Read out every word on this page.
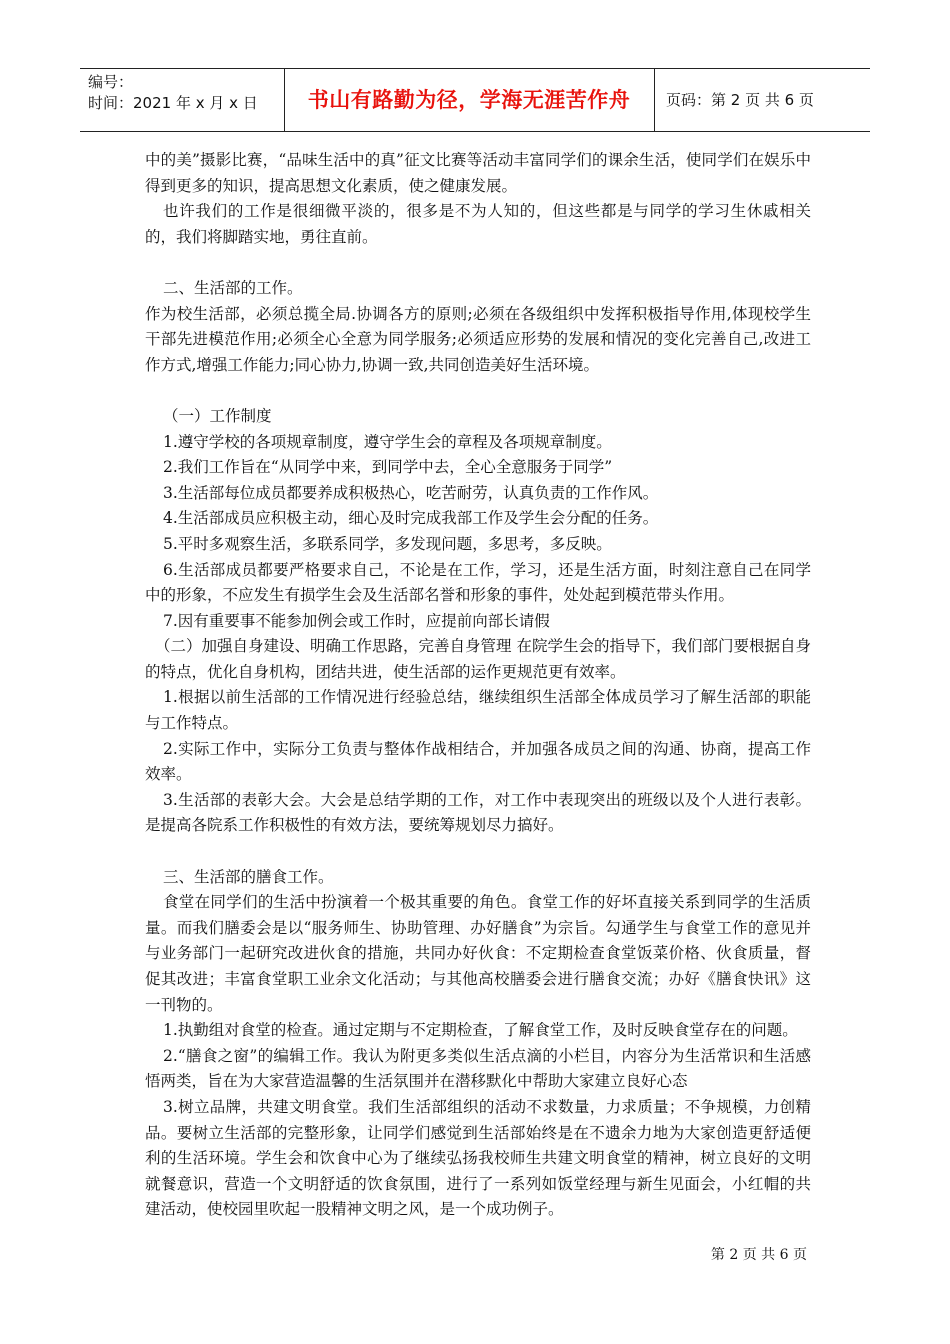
编号：
时间：2021 年 x 月 x 日	书山有路勤为径，学海无涯苦作舟	页码：第 2 页 共 6 页

中的美”摄影比赛，“品味生活中的真”征文比赛等活动丰富同学们的课余生活，使同学们在娱乐中得到更多的知识，提高思想文化素质，使之健康发展。

也许我们的工作是很细微平淡的，很多是不为人知的，但这些都是与同学的学习生休戚相关的，我们将脚踏实地，勇往直前。

二、生活部的工作。

作为校生活部，必须总揽全局.协调各方的原则;必须在各级组织中发挥积极指导作用,体现校学生干部先进模范作用;必须全心全意为同学服务;必须适应形势的发展和情况的变化完善自己,改进工作方式,增强工作能力;同心协力,协调一致,共同创造美好生活环境。

（一）工作制度

1.遵守学校的各项规章制度，遵守学生会的章程及各项规章制度。

2.我们工作旨在“从同学中来，到同学中去，全心全意服务于同学”

3.生活部每位成员都要养成积极热心，吃苦耐劳，认真负责的工作作风。

4.生活部成员应积极主动，细心及时完成我部工作及学生会分配的任务。

5.平时多观察生活，多联系同学，多发现问题，多思考，多反映。

6.生活部成员都要严格要求自己，不论是在工作，学习，还是生活方面，时刻注意自己在同学中的形象，不应发生有损学生会及生活部名誉和形象的事件，处处起到模范带头作用。

7.因有重要事不能参加例会或工作时，应提前向部长请假

（二）加强自身建设、明确工作思路，完善自身管理 在院学生会的指导下，我们部门要根据自身的特点，优化自身机构，团结共进，使生活部的运作更规范更有效率。

1.根据以前生活部的工作情况进行经验总结，继续组织生活部全体成员学习了解生活部的职能与工作特点。

2.实际工作中，实际分工负责与整体作战相结合，并加强各成员之间的沟通、协商，提高工作效率。

3.生活部的表彰大会。大会是总结学期的工作，对工作中表现突出的班级以及个人进行表彰。是提高各院系工作积极性的有效方法，要统筹规划尽力搞好。

三、生活部的膳食工作。

食堂在同学们的生活中扮演着一个极其重要的角色。食堂工作的好坏直接关系到同学的生活质量。而我们膳委会是以“服务师生、协助管理、办好膳食”为宗旨。勾通学生与食堂工作的意见并与业务部门一起研究改进伙食的措施，共同办好伙食：不定期检查食堂饭菜价格、伙食质量，督促其改进；丰富食堂职工业余文化活动；与其他高校膳委会进行膳食交流；办好《膳食快讯》这一刊物的。

1.执勤组对食堂的检查。通过定期与不定期检查，了解食堂工作，及时反映食堂存在的问题。

2.“膳食之窗”的编辑工作。我认为附更多类似生活点滴的小栏目，内容分为生活常识和生活感悟两类，旨在为大家营造温馨的生活氛围并在潜移默化中帮助大家建立良好心态

3.树立品牌，共建文明食堂。我们生活部组织的活动不求数量，力求质量；不争规模，力创精品。要树立生活部的完整形象，让同学们感觉到生活部始终是在不遗余力地为大家创造更舒适便利的生活环境。学生会和饮食中心为了继续弘扬我校师生共建文明食堂的精神，树立良好的文明就餐意识，营造一个文明舒适的饮食氛围，进行了一系列如饭堂经理与新生见面会，小红帽的共建活动，使校园里吹起一股精神文明之风，是一个成功例子。

第 2 页 共 6 页
